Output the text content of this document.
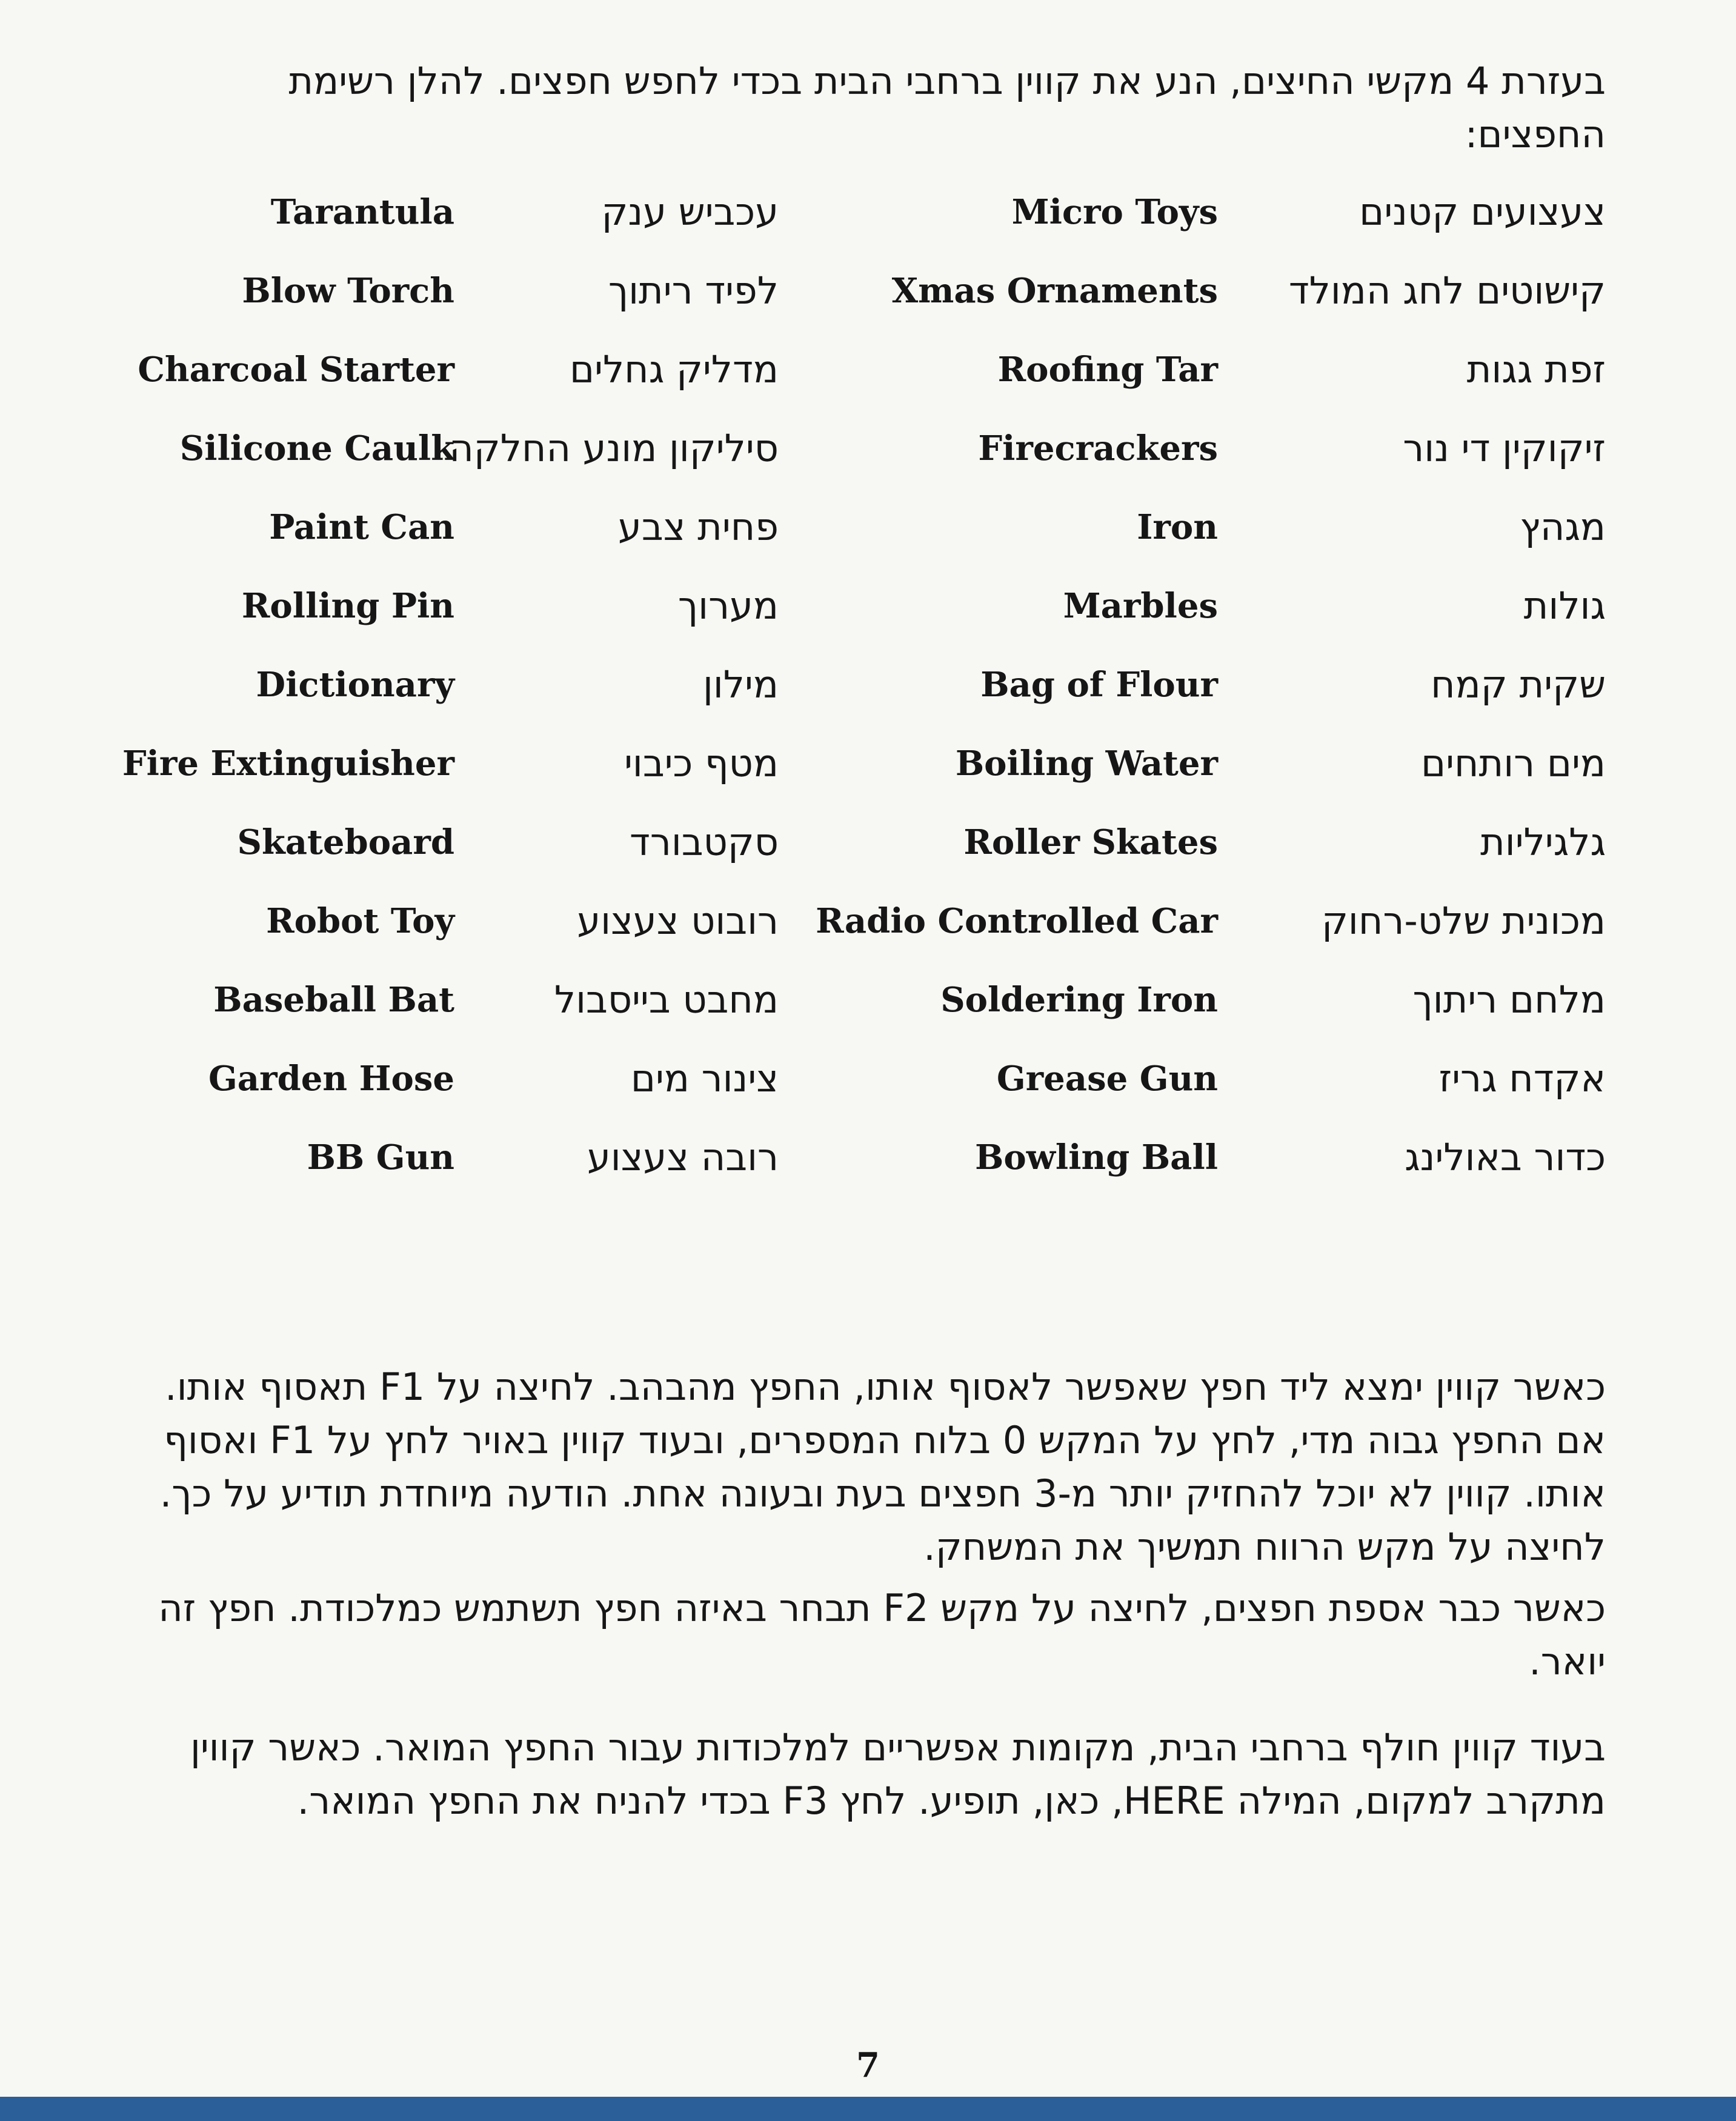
בעזרת 4 מקשי החיצים, הנע את קווין ברחבי הבית בכדי לחפש חפצים. להלן רשימת החפצים:

צעצועים קטנים
Micro Toys
עכביש ענק
Tarantula
קישוטים לחג המולד
Xmas Ornaments
לפיד ריתוך
Blow Torch
זפת גגות
Roofing Tar
מדליק גחלים
Charcoal Starter
זיקוקין די נור
Firecrackers
סיליקון מונע החלקה
Silicone Caulk
מגהץ
Iron
פחית צבע
Paint Can
גולות
Marbles
מערוך
Rolling Pin
שקית קמח
Bag of Flour
מילון
Dictionary
מים רותחים
Boiling Water
מטף כיבוי
Fire Extinguisher
גלגיליות
Roller Skates
סקטבורד
Skateboard
מכונית שלט-רחוק
Radio Controlled Car
רובוט צעצוע
Robot Toy
מלחם ריתוך
Soldering Iron
מחבט בייסבול
Baseball Bat
אקדח גריז
Grease Gun
צינור מים
Garden Hose
כדור באולינג
Bowling Ball
רובה צעצוע
BB Gun

כאשר קווין ימצא ליד חפץ שאפשר לאסוף אותו, החפץ מהבהב. לחיצה על F1 תאסוף אותו. אם החפץ גבוה מדי, לחץ על המקש 0 בלוח המספרים, ובעוד קווין באויר לחץ על F1 ואסוף אותו. קווין לא יוכל להחזיק יותר מ-3 חפצים בעת ובעונה אחת. הודעה מיוחדת תודיע על כך. לחיצה על מקש הרווח תמשיך את המשחק.

כאשר כבר אספת חפצים, לחיצה על מקש F2 תבחר באיזה חפץ תשתמש כמלכודת. חפץ זה יואר.

בעוד קווין חולף ברחבי הבית, מקומות אפשריים למלכודות עבור החפץ המואר. כאשר קווין מתקרב למקום, המילה HERE, כאן, תופיע. לחץ F3 בכדי להניח את החפץ המואר.

7
